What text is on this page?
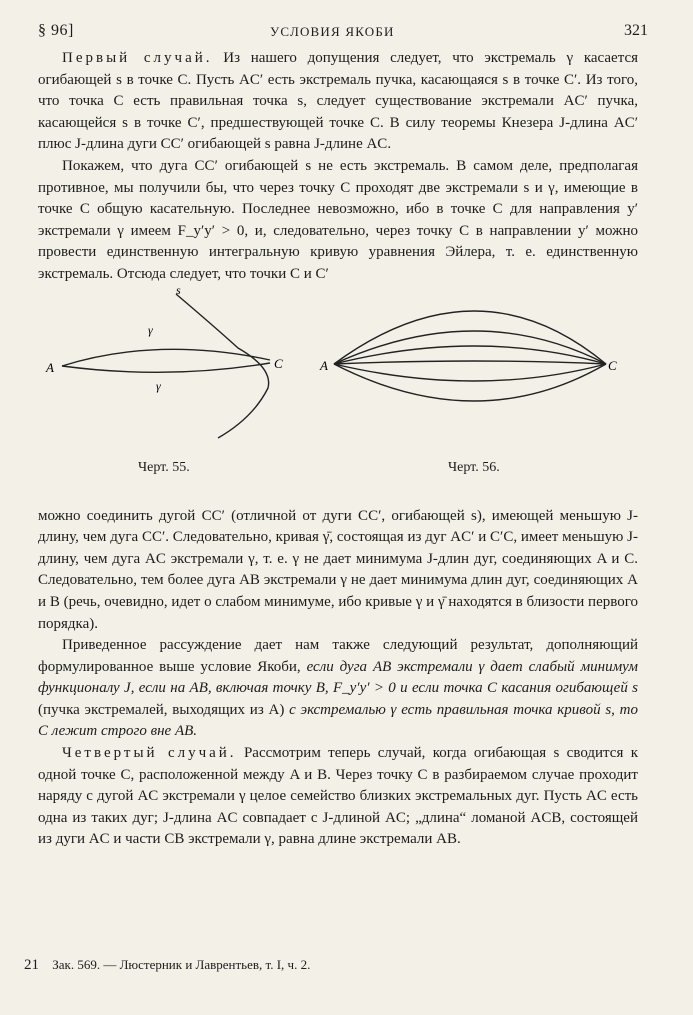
§ 96]	УСЛОВИЯ ЯКОБИ	321

Первый случай. Из нашего допущения следует, что экстремаль γ касается огибающей s в точке C. Пусть AC′ есть экстремаль пучка, касающаяся s в точке C′. Из того, что точка C есть правильная точка s, следует существование экстремали AC′ пучка, касающейся s в точке C′, предшествующей точке C. В силу теоремы Кнезера J-длина AC′ плюс J-длина дуги CC′ огибающей s равна J-длине AC.

Покажем, что дуга CC′ огибающей s не есть экстремаль. В самом деле, предполагая противное, мы получили бы, что через точку C проходят две экстремали s и γ, имеющие в точке C общую касательную. Последнее невозможно, ибо в точке C для направления y′ экстремали γ имеем F_y′y′ > 0, и, следовательно, через точку C в направлении y′ можно провести единственную интегральную кривую уравнения Эйлера, т. е. единственную экстремаль. Отсюда следует, что точки C и C′

A	C
s
γ
γ
A	C
Черт. 55.	Черт. 56.

можно соединить дугой CC′ (отличной от дуги CC′, огибающей s), имеющей меньшую J-длину, чем дуга CC′. Следовательно, кривая γ̄, состоящая из дуг AC′ и C′C, имеет меньшую J-длину, чем дуга AC экстремали γ, т. е. γ не дает минимума J-длин дуг, соединяющих A и C. Следовательно, тем более дуга AB экстремали γ не дает минимума длин дуг, соединяющих A и B (речь, очевидно, идет о слабом минимуме, ибо кривые γ и γ̄ находятся в близости первого порядка).

Приведенное рассуждение дает нам также следующий результат, дополняющий формулированное выше условие Якоби, если дуга AB экстремали γ дает слабый минимум функционалу J, если на AB, включая точку B, F_y′y′ > 0 и если точка C касания огибающей s (пучка экстремалей, выходящих из A) с экстремалью γ есть правильная точка кривой s, то C лежит строго вне AB.

Четвертый случай. Рассмотрим теперь случай, когда огибающая s сводится к одной точке C, расположенной между A и B. Через точку C в разбираемом случае проходит наряду с дугой AC экстремали γ целое семейство близких экстремальных дуг. Пусть AC есть одна из таких дуг; J-длина AC совпадает с J-длиной AC; „длина“ ломаной ACB, состоящей из дуги AC и части CB экстремали γ, равна длине экстремали AB.

21 Зак. 569. — Люстерник и Лаврентьев, т. I, ч. 2.
